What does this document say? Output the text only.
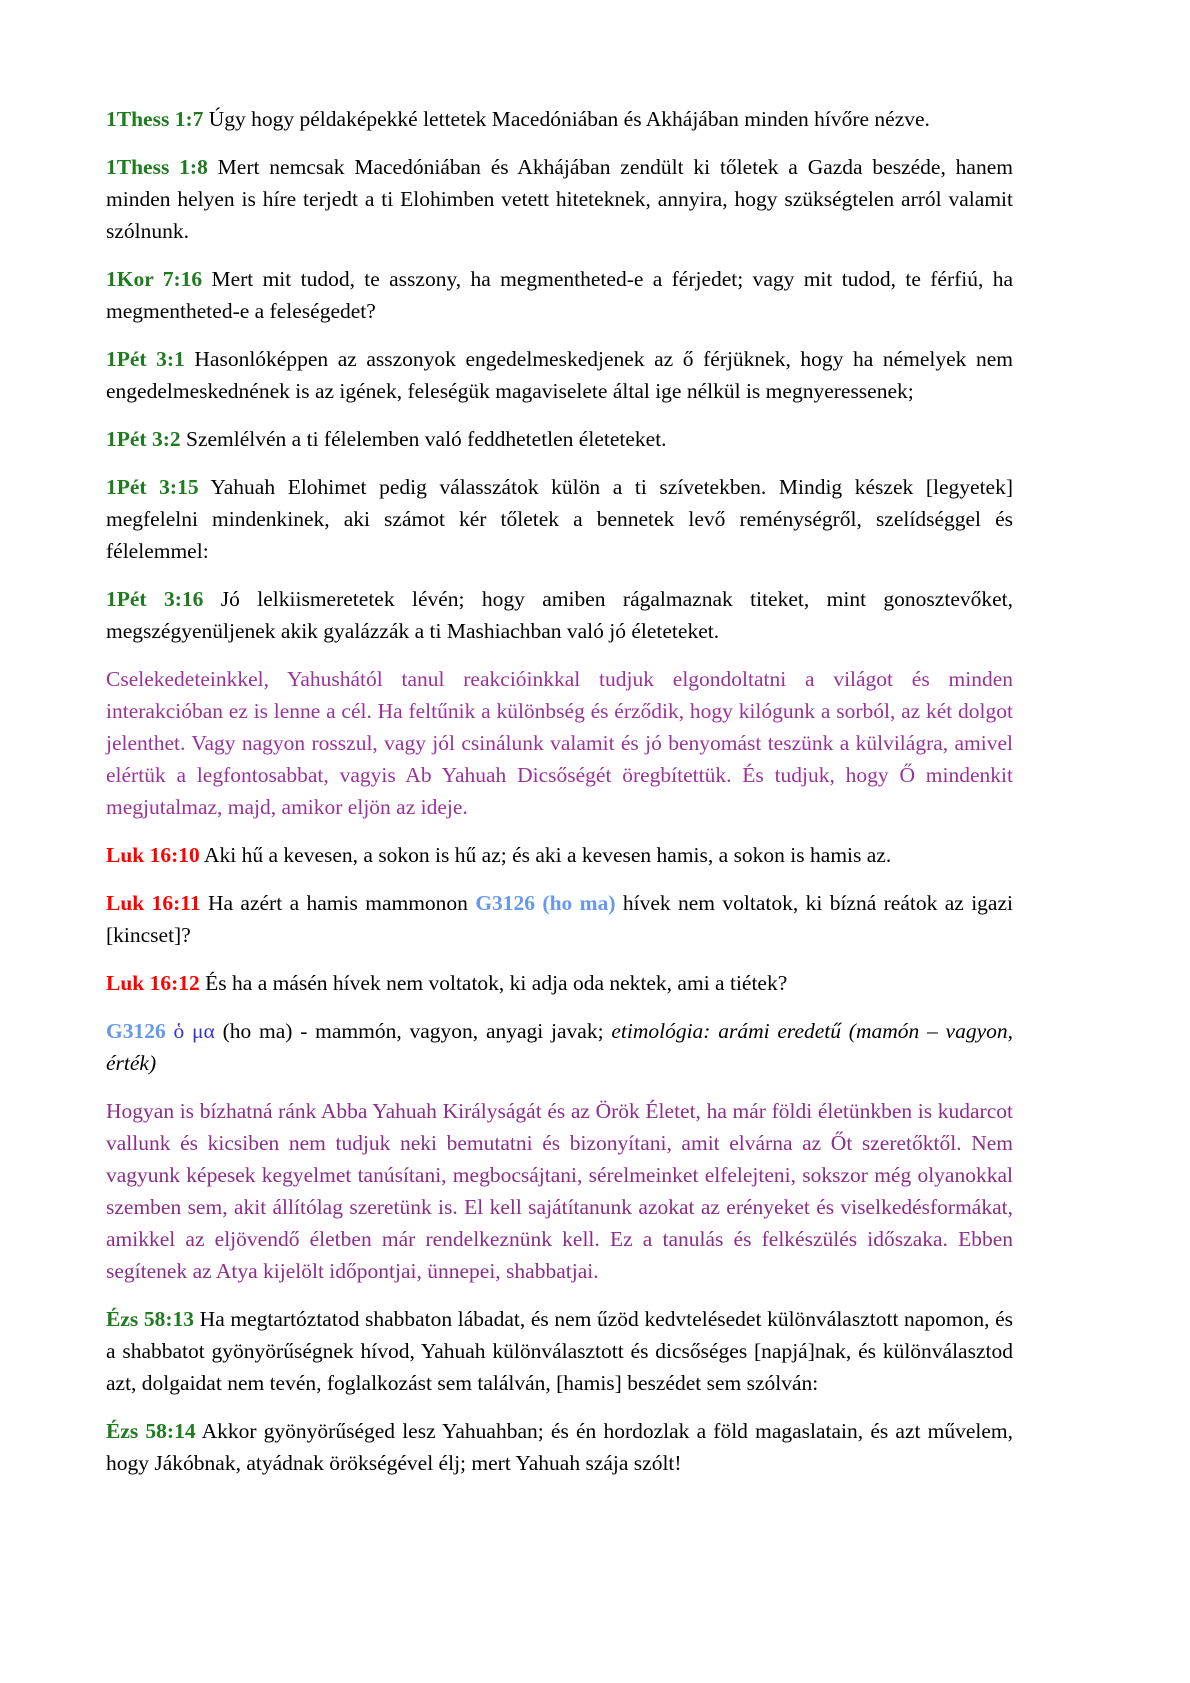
1Thess 1:7 Úgy hogy példaképekké lettetek Macedóniában és Akhájában minden hívőre nézve.

1Thess 1:8 Mert nemcsak Macedóniában és Akhájában zendült ki tőletek a Gazda beszéde, hanem minden helyen is híre terjedt a ti Elohimben vetett hiteteknek, annyira, hogy szükségtelen arról valamit szólnunk.

1Kor 7:16 Mert mit tudod, te asszony, ha megmentheted-e a férjedet; vagy mit tudod, te férfiú, ha megmentheted-e a feleségedet?

1Pét 3:1 Hasonlóképpen az asszonyok engedelmeskedjenek az ő férjüknek, hogy ha némelyek nem engedelmeskednének is az igének, feleségük magaviselete által ige nélkül is megnyeressenek;

1Pét 3:2 Szemlélvén a ti félelemben való feddhetetlen életeteket.

1Pét 3:15 Yahuah Elohimet pedig válasszátok külön a ti szívetekben. Mindig készek [legyetek] megfelelni mindenkinek, aki számot kér tőletek a bennetek levő reménységről, szelídséggel és félelemmel:

1Pét 3:16 Jó lelkiismeretetek lévén; hogy amiben rágalmaznak titeket, mint gonosztevőket, megszégyenüljenek akik gyalázzák a ti Mashiachban való jó életeteket.

Cselekedeteinkkel, Yahushától tanul reakcióinkkal tudjuk elgondoltatni a világot és minden interakcióban ez is lenne a cél. Ha feltűnik a különbség és érződik, hogy kilógunk a sorból, az két dolgot jelenthet. Vagy nagyon rosszul, vagy jól csinálunk valamit és jó benyomást teszünk a külvilágra, amivel elértük a legfontosabbat, vagyis Ab Yahuah Dicsőségét öregbítettük. És tudjuk, hogy Ő mindenkit megjutalmaz, majd, amikor eljön az ideje.

Luk 16:10 Aki hű a kevesen, a sokon is hű az; és aki a kevesen hamis, a sokon is hamis az.

Luk 16:11 Ha azért a hamis mammonon G3126 (ho ma) hívek nem voltatok, ki bízná reátok az igazi [kincset]?

Luk 16:12 És ha a másén hívek nem voltatok, ki adja oda nektek, ami a tiétek?

G3126 ὁ μα (ho ma) - mammón, vagyon, anyagi javak; etimológia: arámi eredetű (mamón – vagyon, érték)

Hogyan is bízhatná ránk Abba Yahuah Királyságát és az Örök Életet, ha már földi életünkben is kudarcot vallunk és kicsiben nem tudjuk neki bemutatni és bizonyítani, amit elvárna az Őt szeretőktől. Nem vagyunk képesek kegyelmet tanúsítani, megbocsájtani, sérelmeinket elfelejteni, sokszor még olyanokkal szemben sem, akit állítólag szeretünk is. El kell sajátítanunk azokat az erényeket és viselkedésformákat, amikkel az eljövendő életben már rendelkeznünk kell. Ez a tanulás és felkészülés időszaka. Ebben segítenek az Atya kijelölt időpontjai, ünnepei, shabbatjai.

Ézs 58:13 Ha megtartóztatod shabbaton lábadat, és nem űzöd kedvtelésedet különválasztott napomon, és a shabbatot gyönyörűségnek hívod, Yahuah különválasztott és dicsőséges [napjá]nak, és különválasztod azt, dolgaidat nem tevén, foglalkozást sem találván, [hamis] beszédet sem szólván:

Ézs 58:14 Akkor gyönyörűséged lesz Yahuahban; és én hordozlak a föld magaslatain, és azt művelem, hogy Jákóbnak, atyádnak örökségével élj; mert Yahuah szája szólt!
